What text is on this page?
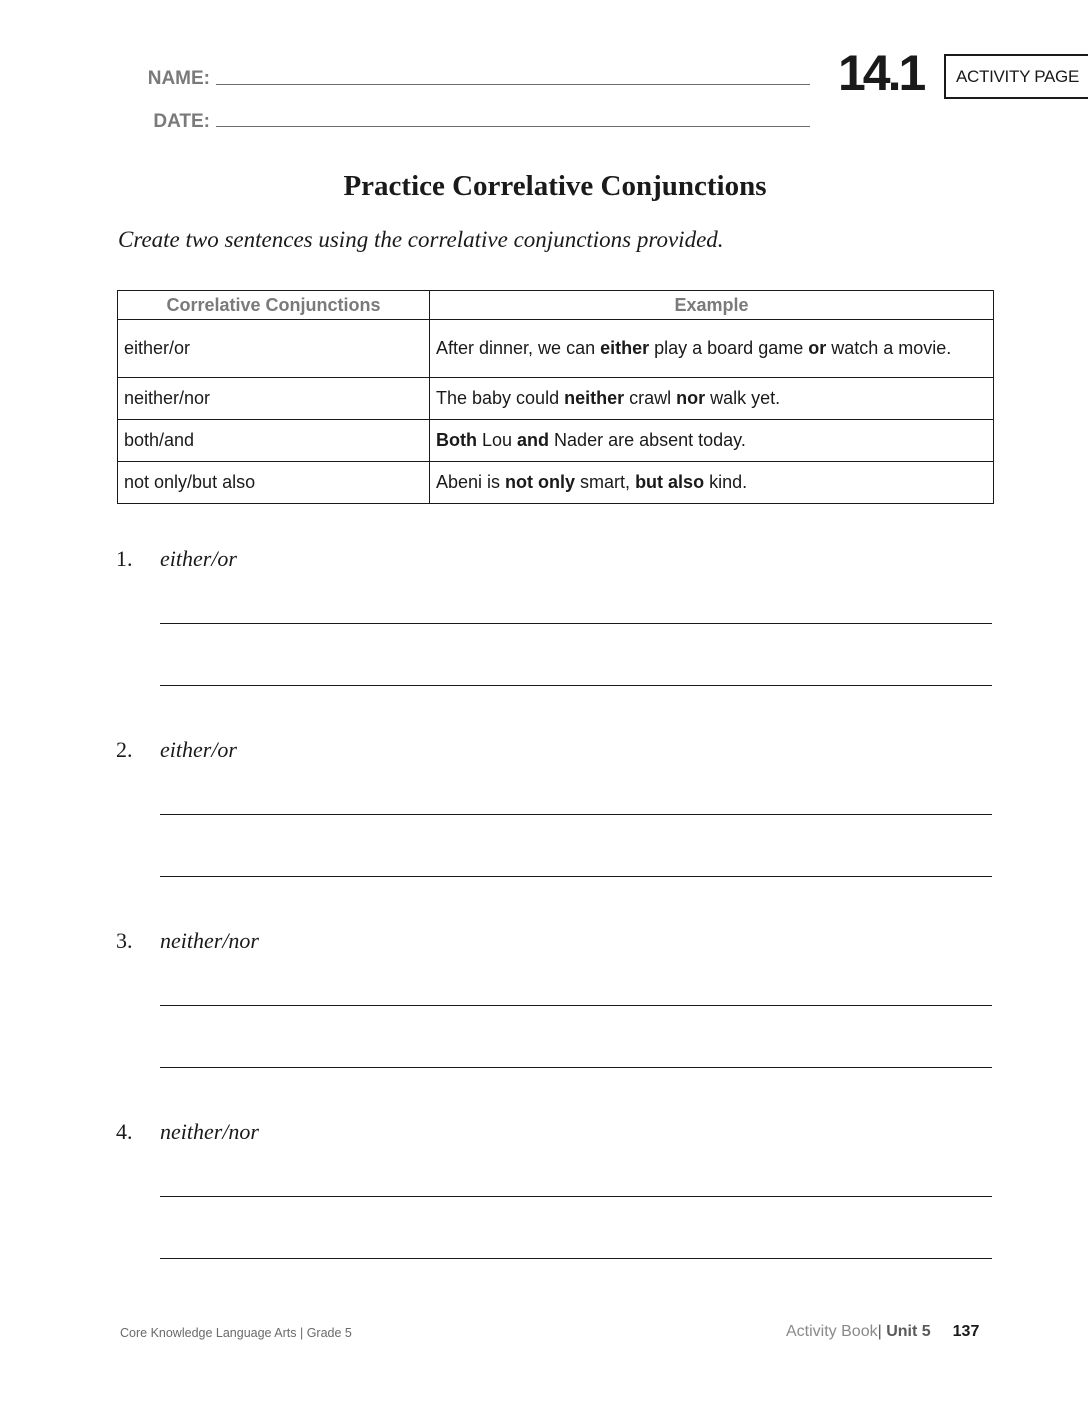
NAME:
DATE:
14.1 ACTIVITY PAGE
Practice Correlative Conjunctions
Create two sentences using the correlative conjunctions provided.
Correlative Conjunctions	Example
either/or	After dinner, we can either play a board game or watch a movie.
neither/nor	The baby could neither crawl nor walk yet.
both/and	Both Lou and Nader are absent today.
not only/but also	Abeni is not only smart, but also kind.
1. either/or
2. either/or
3. neither/nor
4. neither/nor
Core Knowledge Language Arts | Grade 5	Activity Book| Unit 5 137
